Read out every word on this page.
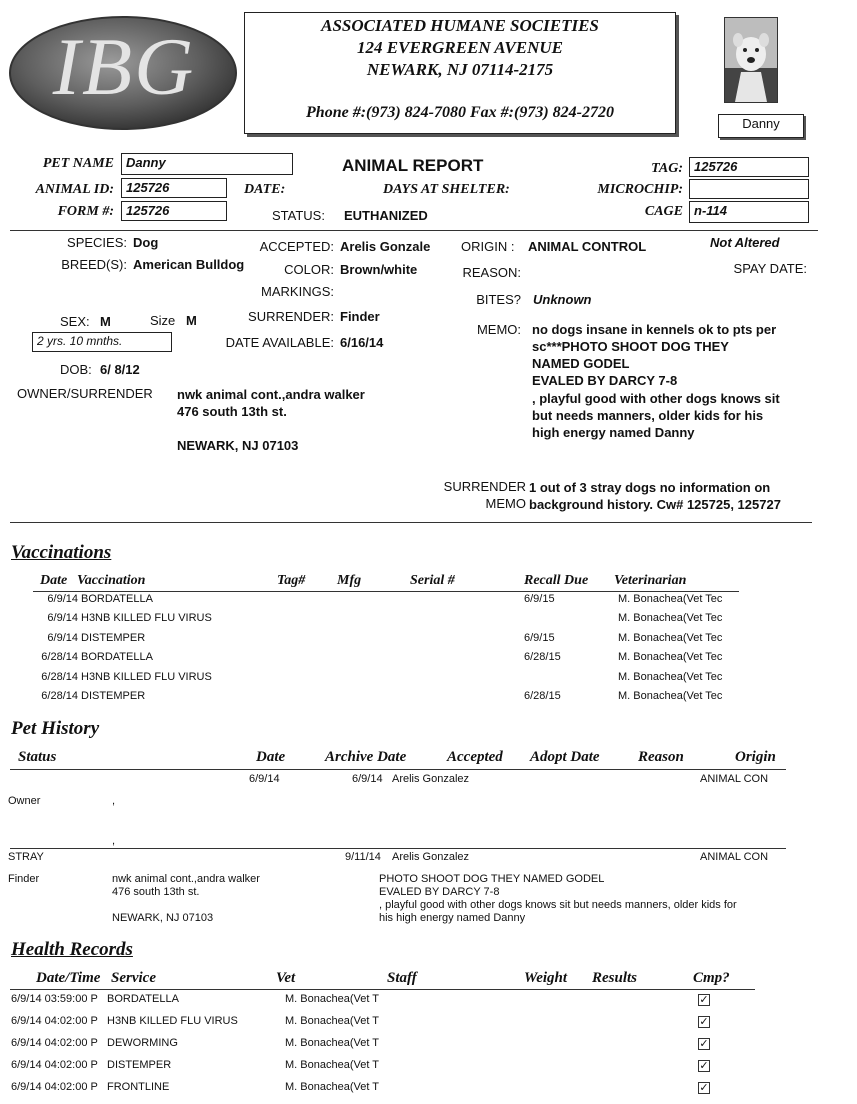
IBG	ASSOCIATED HUMANE SOCIETIES
124 EVERGREEN AVENUE
NEWARK, NJ 07114-2175
Phone #:(973) 824-7080 Fax #:(973) 824-2720
Danny
PET NAME Danny	ANIMAL REPORT	TAG: 125726
ANIMAL ID: 125726	DATE:	DAYS AT SHELTER:	MICROCHIP:
FORM #: 125726	STATUS: EUTHANIZED	CAGE n-114
SPECIES: Dog
BREED(S): American Bulldog
ACCEPTED: Arelis Gonzale
COLOR: Brown/white
MARKINGS:
ORIGIN : ANIMAL CONTROL	Not Altered
REASON:	SPAY DATE:
BITES? Unknown
SEX: M	Size M	SURRENDER: Finder
2 yrs. 10 mnths.	DATE AVAILABLE: 6/16/14
DOB: 6/ 8/12
MEMO: no dogs insane in kennels ok to pts per
sc***PHOTO SHOOT DOG THEY
NAMED GODEL
EVALED BY DARCY 7-8
, playful good with other dogs knows sit
but needs manners, older kids for his
high energy named Danny
OWNER/SURRENDER nwk animal cont.,andra walker
476 south 13th st.
NEWARK, NJ 07103
SURRENDER
MEMO
1 out of 3 stray dogs no information on
background history. Cw# 125725, 125727
Vaccinations
Date Vaccination	Tag# Mfg	Serial #	Recall Due Veterinarian
6/9/14 BORDATELLA	6/9/15	M. Bonachea(Vet Tec
6/9/14 H3NB KILLED FLU VIRUS	M. Bonachea(Vet Tec
6/9/14 DISTEMPER	6/9/15	M. Bonachea(Vet Tec
6/28/14 BORDATELLA	6/28/15	M. Bonachea(Vet Tec
6/28/14 H3NB KILLED FLU VIRUS	M. Bonachea(Vet Tec
6/28/14 DISTEMPER	6/28/15	M. Bonachea(Vet Tec
Pet History
Status	Date	Archive Date	Accepted Adopt Date	Reason	Origin
6/9/14	6/9/14 Arelis Gonzalez	ANIMAL CON
Owner	,
,
STRAY	9/11/14 Arelis Gonzalez	ANIMAL CON
Finder	nwk animal cont.,andra walker
476 south 13th st.
NEWARK, NJ 07103
PHOTO SHOOT DOG THEY NAMED GODEL
EVALED BY DARCY 7-8
, playful good with other dogs knows sit but needs manners, older kids for
his high energy named Danny
Health Records
Date/Time Service	Vet	Staff	Weight Results	Cmp?
6/9/14 03:59:00 P BORDATELLA	M. Bonachea(Vet T	✓
6/9/14 04:02:00 P H3NB KILLED FLU VIRUS	M. Bonachea(Vet T	✓
6/9/14 04:02:00 P DEWORMING	M. Bonachea(Vet T	✓
6/9/14 04:02:00 P DISTEMPER	M. Bonachea(Vet T	✓
6/9/14 04:02:00 P FRONTLINE	M. Bonachea(Vet T	✓
